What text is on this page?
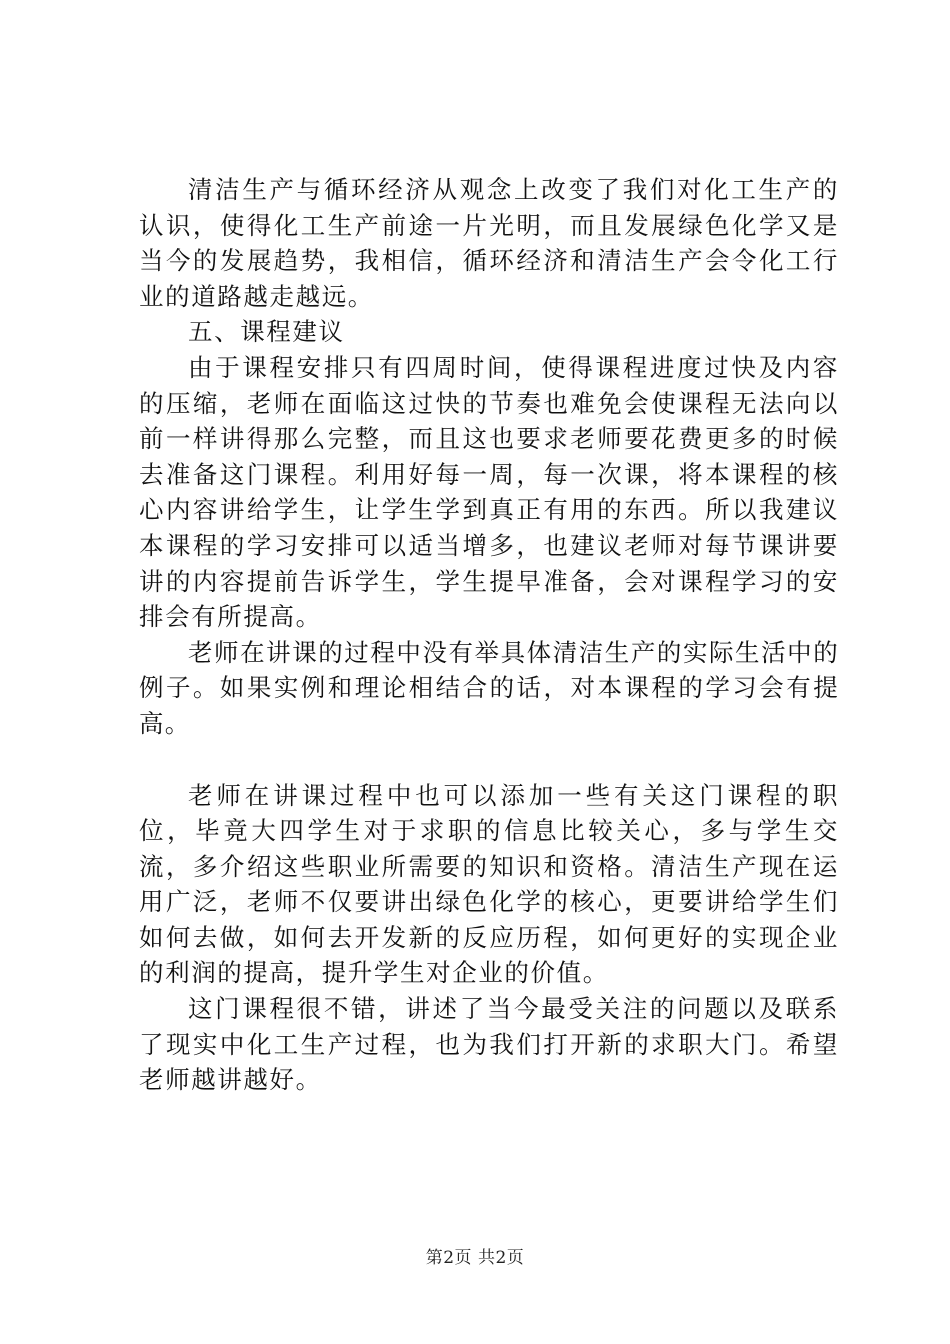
清洁生产与循环经济从观念上改变了我们对化工生产的认识，使得化工生产前途一片光明，而且发展绿色化学又是当今的发展趋势，我相信，循环经济和清洁生产会令化工行业的道路越走越远。

五、课程建议

由于课程安排只有四周时间，使得课程进度过快及内容的压缩，老师在面临这过快的节奏也难免会使课程无法向以前一样讲得那么完整，而且这也要求老师要花费更多的时候去准备这门课程。利用好每一周，每一次课，将本课程的核心内容讲给学生，让学生学到真正有用的东西。所以我建议本课程的学习安排可以适当增多，也建议老师对每节课讲要讲的内容提前告诉学生，学生提早准备，会对课程学习的安排会有所提高。

老师在讲课的过程中没有举具体清洁生产的实际生活中的例子。如果实例和理论相结合的话，对本课程的学习会有提高。

老师在讲课过程中也可以添加一些有关这门课程的职位，毕竟大四学生对于求职的信息比较关心，多与学生交流，多介绍这些职业所需要的知识和资格。清洁生产现在运用广泛，老师不仅要讲出绿色化学的核心，更要讲给学生们如何去做，如何去开发新的反应历程，如何更好的实现企业的利润的提高，提升学生对企业的价值。

这门课程很不错，讲述了当今最受关注的问题以及联系了现实中化工生产过程，也为我们打开新的求职大门。希望老师越讲越好。

第2页 共2页
